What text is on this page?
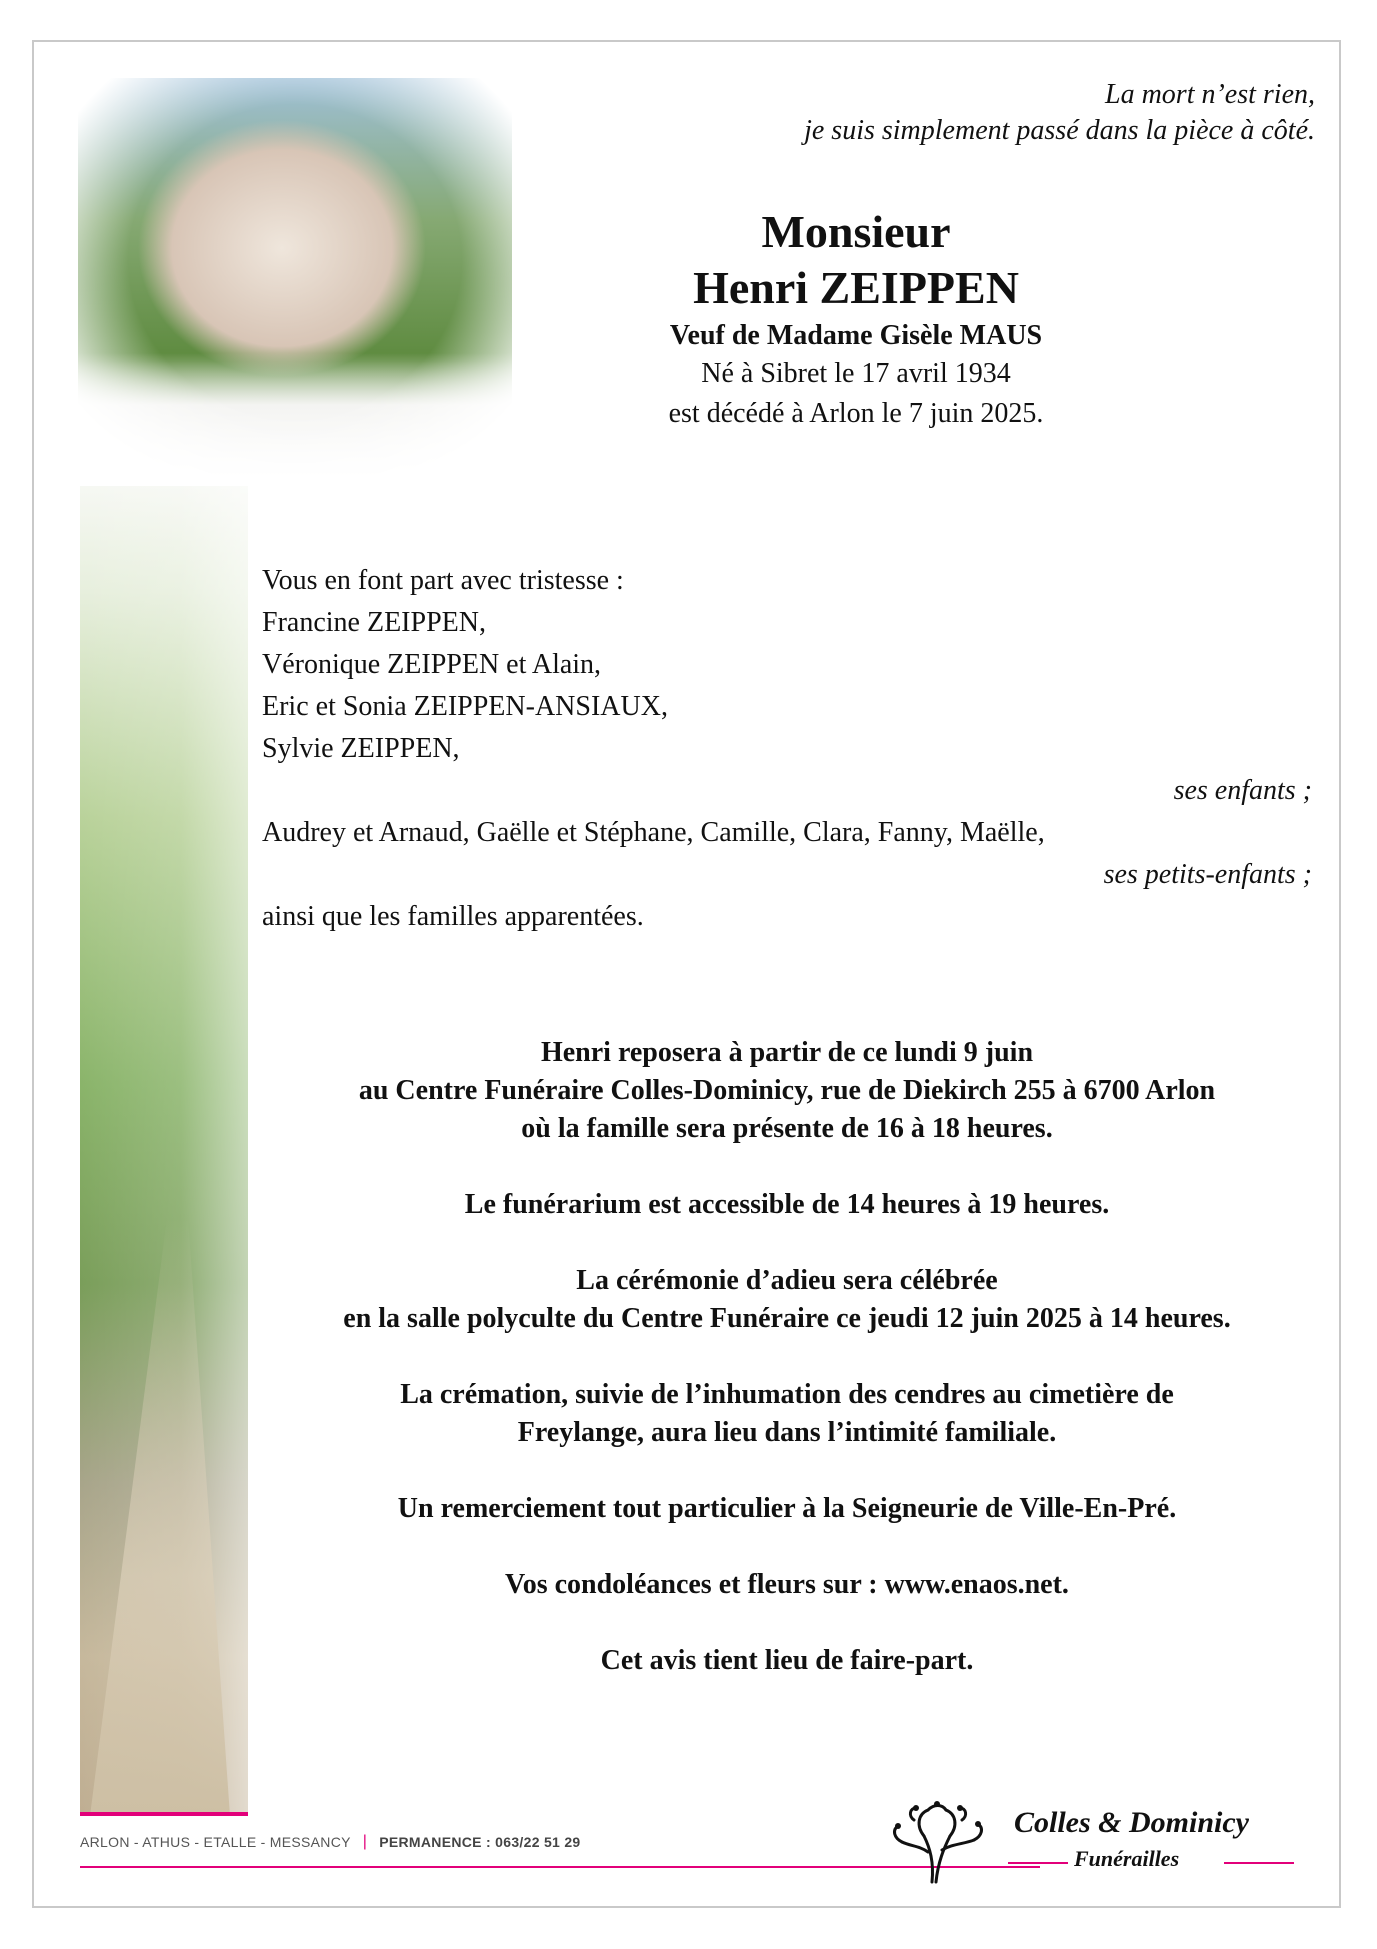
La mort n’est rien,
je suis simplement passé dans la pièce à côté.
Monsieur
Henri ZEIPPEN
Veuf de Madame Gisèle MAUS
Né à Sibret le 17 avril 1934
est décédé à Arlon le 7 juin 2025.
Vous en font part avec tristesse :
Francine ZEIPPEN,
Véronique ZEIPPEN et Alain,
Eric et Sonia ZEIPPEN-ANSIAUX,
Sylvie ZEIPPEN,
ses enfants ;
Audrey et Arnaud, Gaëlle et Stéphane, Camille, Clara, Fanny, Maëlle,
ses petits-enfants ;
ainsi que les familles apparentées.

Henri reposera à partir de ce lundi 9 juin
au Centre Funéraire Colles-Dominicy, rue de Diekirch 255 à 6700 Arlon
où la famille sera présente de 16 à 18 heures.

Le funérarium est accessible de 14 heures à 19 heures.

La cérémonie d’adieu sera célébrée
en la salle polyculte du Centre Funéraire ce jeudi 12 juin 2025 à 14 heures.

La crémation, suivie de l’inhumation des cendres au cimetière de
Freylange, aura lieu dans l’intimité familiale.

Un remerciement tout particulier à la Seigneurie de Ville-En-Pré.

Vos condoléances et fleurs sur : www.enaos.net.

Cet avis tient lieu de faire-part.

ARLON - ATHUS - ETALLE - MESSANCY | PERMANENCE : 063/22 51 29
Colles & Dominicy
Funérailles
